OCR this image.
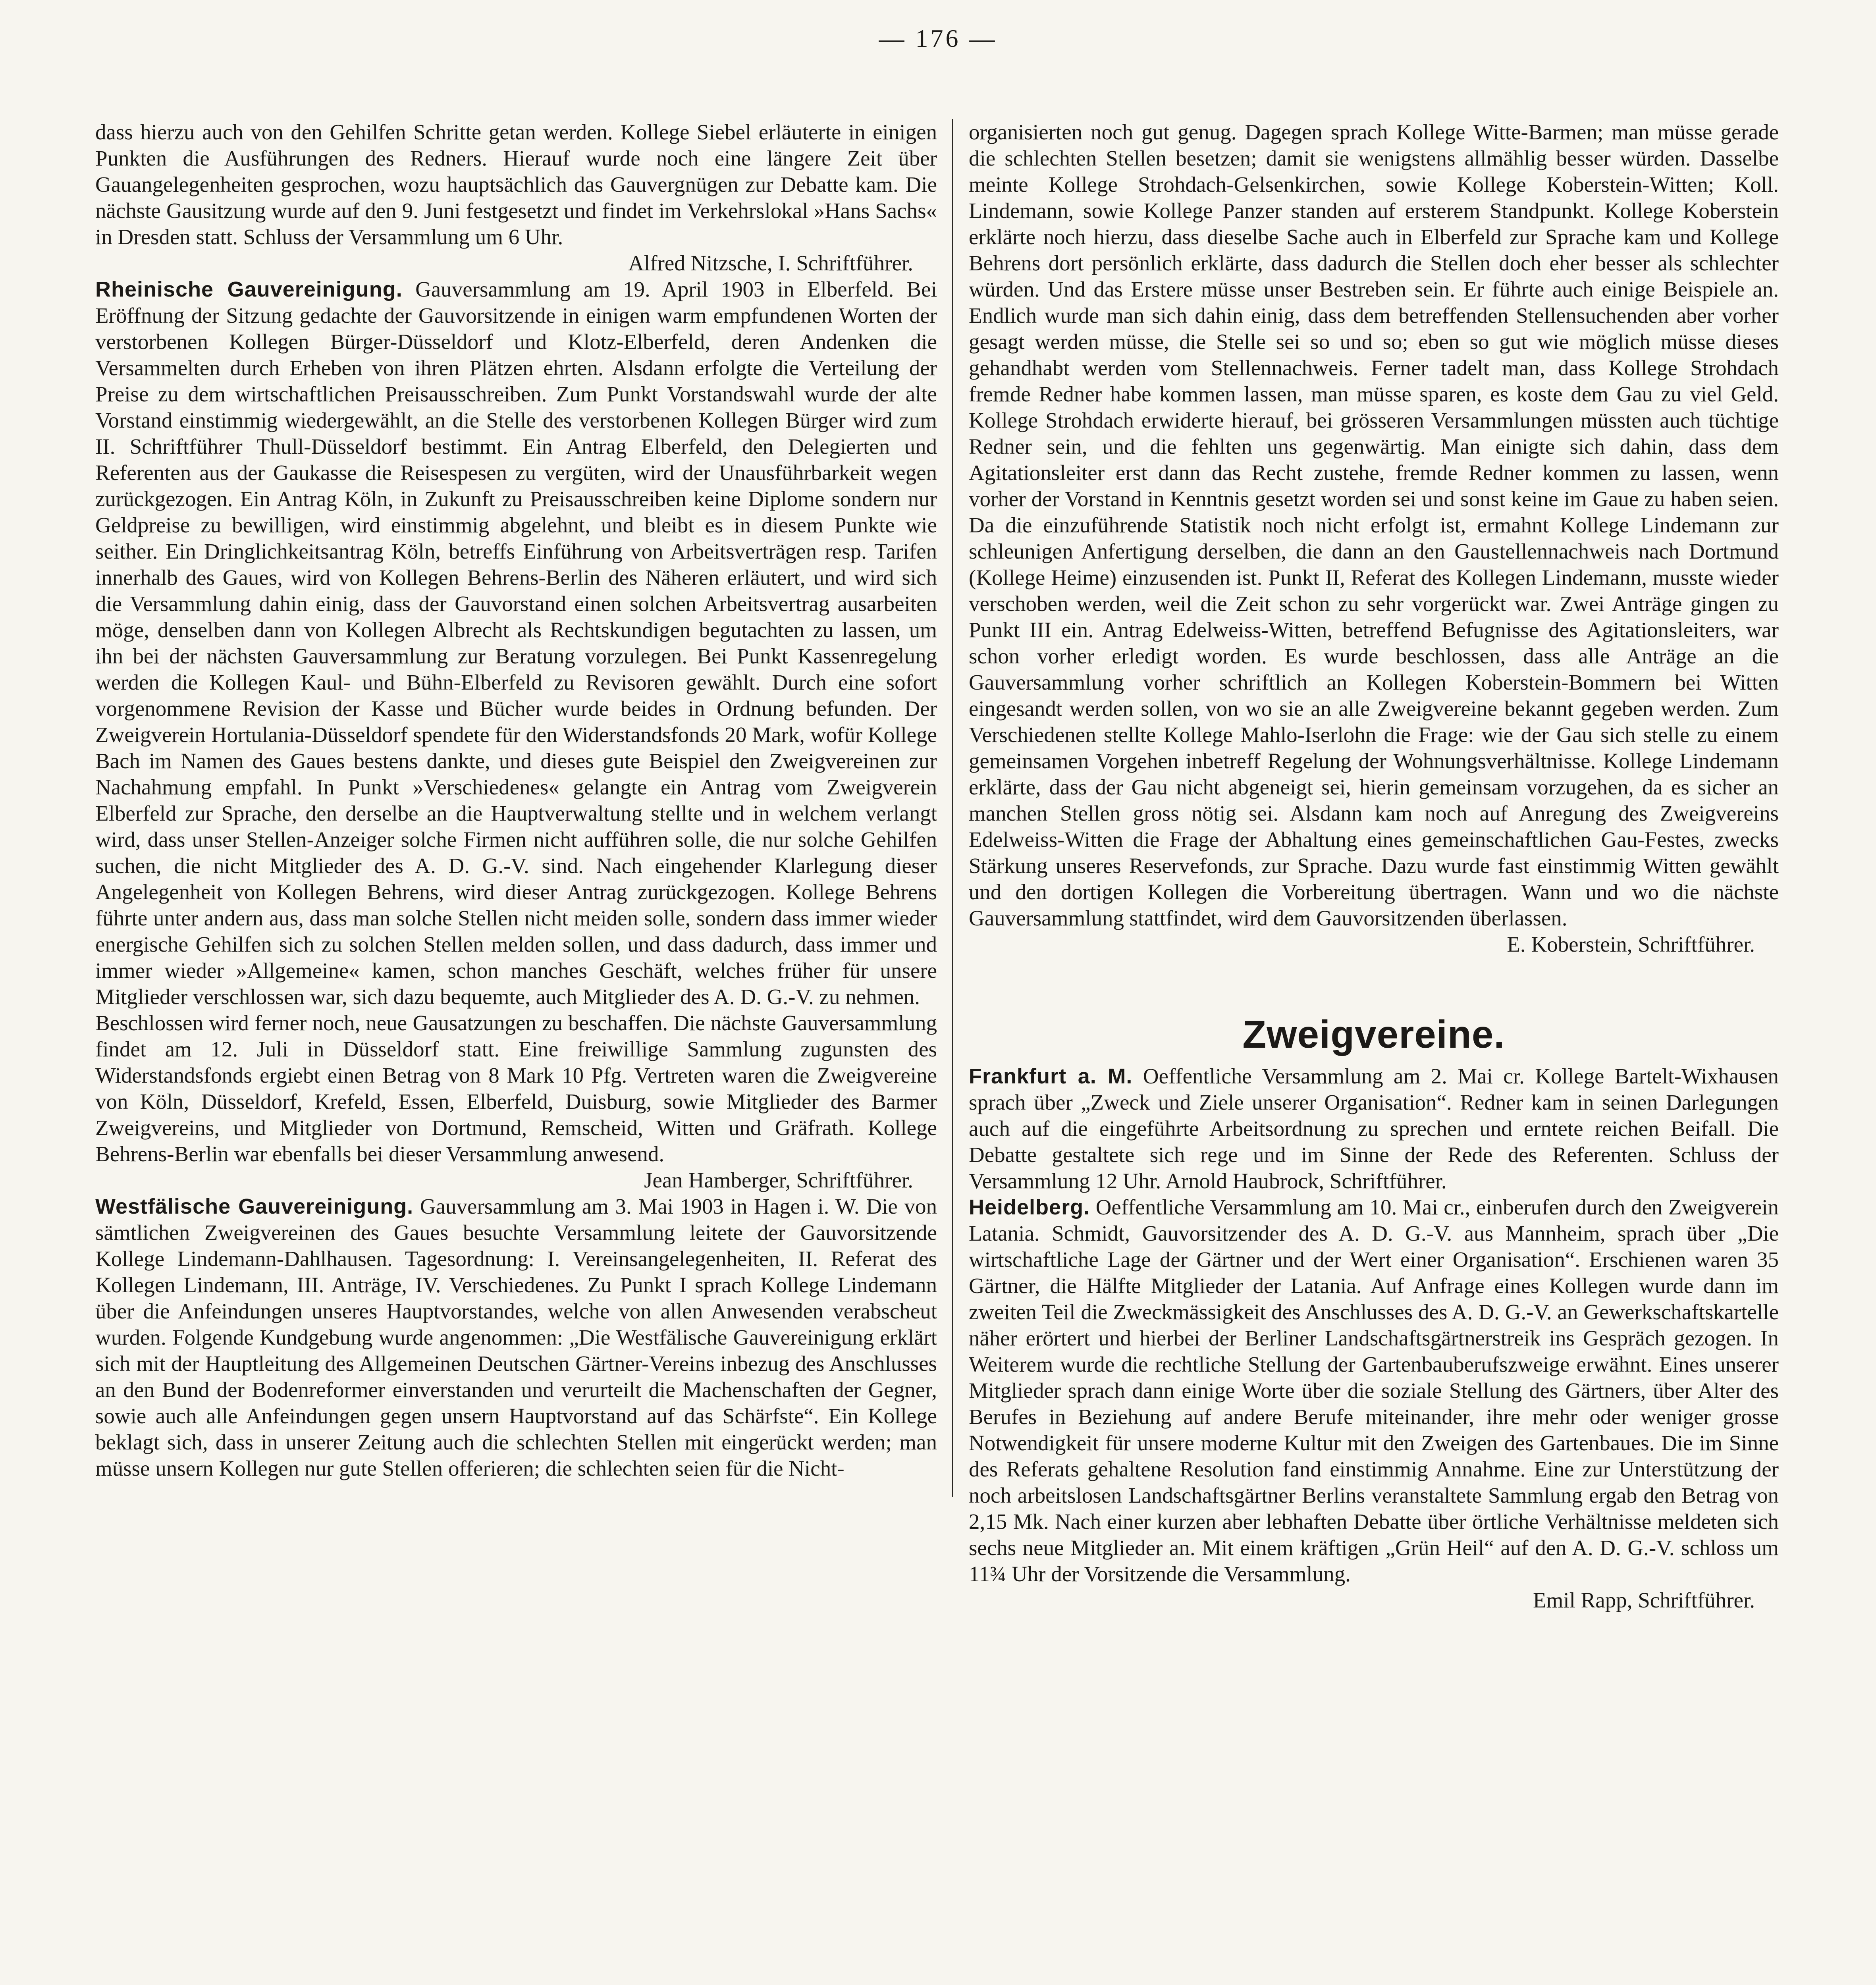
— 176 —

dass hierzu auch von den Gehilfen Schritte getan werden. Kollege Siebel erläuterte in einigen Punkten die Ausführungen des Redners. Hierauf wurde noch eine längere Zeit über Gauangelegenheiten gesprochen, wozu hauptsächlich das Gauvergnügen zur Debatte kam. Die nächste Gausitzung wurde auf den 9. Juni festgesetzt und findet im Verkehrslokal »Hans Sachs« in Dresden statt. Schluss der Versammlung um 6 Uhr.

Alfred Nitzsche, I. Schriftführer.

Rheinische Gauvereinigung. Gauversammlung am 19. April 1903 in Elberfeld. Bei Eröffnung der Sitzung gedachte der Gauvorsitzende in einigen warm empfundenen Worten der verstorbenen Kollegen Bürger-Düsseldorf und Klotz-Elberfeld, deren Andenken die Versammelten durch Erheben von ihren Plätzen ehrten. Alsdann erfolgte die Verteilung der Preise zu dem wirtschaftlichen Preisausschreiben. Zum Punkt Vorstandswahl wurde der alte Vorstand einstimmig wiedergewählt, an die Stelle des verstorbenen Kollegen Bürger wird zum II. Schriftführer Thull-Düsseldorf bestimmt. Ein Antrag Elberfeld, den Delegierten und Referenten aus der Gaukasse die Reisespesen zu vergüten, wird der Unausführbarkeit wegen zurückgezogen. Ein Antrag Köln, in Zukunft zu Preisausschreiben keine Diplome sondern nur Geldpreise zu bewilligen, wird einstimmig abgelehnt, und bleibt es in diesem Punkte wie seither. Ein Dringlichkeitsantrag Köln, betreffs Einführung von Arbeitsverträgen resp. Tarifen innerhalb des Gaues, wird von Kollegen Behrens-Berlin des Näheren erläutert, und wird sich die Versammlung dahin einig, dass der Gauvorstand einen solchen Arbeitsvertrag ausarbeiten möge, denselben dann von Kollegen Albrecht als Rechtskundigen begutachten zu lassen, um ihn bei der nächsten Gauversammlung zur Beratung vorzulegen. Bei Punkt Kassenregelung werden die Kollegen Kaul- und Bühn-Elberfeld zu Revisoren gewählt. Durch eine sofort vorgenommene Revision der Kasse und Bücher wurde beides in Ordnung befunden. Der Zweigverein Hortulania-Düsseldorf spendete für den Widerstandsfonds 20 Mark, wofür Kollege Bach im Namen des Gaues bestens dankte, und dieses gute Beispiel den Zweigvereinen zur Nachahmung empfahl. In Punkt »Verschiedenes« gelangte ein Antrag vom Zweigverein Elberfeld zur Sprache, den derselbe an die Hauptverwaltung stellte und in welchem verlangt wird, dass unser Stellen-Anzeiger solche Firmen nicht aufführen solle, die nur solche Gehilfen suchen, die nicht Mitglieder des A. D. G.-V. sind. Nach eingehender Klarlegung dieser Angelegenheit von Kollegen Behrens, wird dieser Antrag zurückgezogen. Kollege Behrens führte unter andern aus, dass man solche Stellen nicht meiden solle, sondern dass immer wieder energische Gehilfen sich zu solchen Stellen melden sollen, und dass dadurch, dass immer und immer wieder »Allgemeine« kamen, schon manches Geschäft, welches früher für unsere Mitglieder verschlossen war, sich dazu bequemte, auch Mitglieder des A. D. G.-V. zu nehmen.

Beschlossen wird ferner noch, neue Gausatzungen zu beschaffen. Die nächste Gauversammlung findet am 12. Juli in Düsseldorf statt. Eine freiwillige Sammlung zugunsten des Widerstandsfonds ergiebt einen Betrag von 8 Mark 10 Pfg. Vertreten waren die Zweigvereine von Köln, Düsseldorf, Krefeld, Essen, Elberfeld, Duisburg, sowie Mitglieder des Barmer Zweigvereins, und Mitglieder von Dortmund, Remscheid, Witten und Gräfrath. Kollege Behrens-Berlin war ebenfalls bei dieser Versammlung anwesend.

Jean Hamberger, Schriftführer.

Westfälische Gauvereinigung. Gauversammlung am 3. Mai 1903 in Hagen i. W. Die von sämtlichen Zweigvereinen des Gaues besuchte Versammlung leitete der Gauvorsitzende Kollege Lindemann-Dahlhausen. Tagesordnung: I. Vereinsangelegenheiten, II. Referat des Kollegen Lindemann, III. Anträge, IV. Verschiedenes. Zu Punkt I sprach Kollege Lindemann über die Anfeindungen unseres Hauptvorstandes, welche von allen Anwesenden verabscheut wurden. Folgende Kundgebung wurde angenommen: „Die Westfälische Gauvereinigung erklärt sich mit der Hauptleitung des Allgemeinen Deutschen Gärtner-Vereins inbezug des Anschlusses an den Bund der Bodenreformer einverstanden und verurteilt die Machenschaften der Gegner, sowie auch alle Anfeindungen gegen unsern Hauptvorstand auf das Schärfste“. Ein Kollege beklagt sich, dass in unserer Zeitung auch die schlechten Stellen mit eingerückt werden; man müsse unsern Kollegen nur gute Stellen offerieren; die schlechten seien für die Nicht-

organisierten noch gut genug. Dagegen sprach Kollege Witte-Barmen; man müsse gerade die schlechten Stellen besetzen; damit sie wenigstens allmählig besser würden. Dasselbe meinte Kollege Strohdach-Gelsenkirchen, sowie Kollege Koberstein-Witten; Koll. Lindemann, sowie Kollege Panzer standen auf ersterem Standpunkt. Kollege Koberstein erklärte noch hierzu, dass dieselbe Sache auch in Elberfeld zur Sprache kam und Kollege Behrens dort persönlich erklärte, dass dadurch die Stellen doch eher besser als schlechter würden. Und das Erstere müsse unser Bestreben sein. Er führte auch einige Beispiele an. Endlich wurde man sich dahin einig, dass dem betreffenden Stellensuchenden aber vorher gesagt werden müsse, die Stelle sei so und so; eben so gut wie möglich müsse dieses gehandhabt werden vom Stellennachweis. Ferner tadelt man, dass Kollege Strohdach fremde Redner habe kommen lassen, man müsse sparen, es koste dem Gau zu viel Geld. Kollege Strohdach erwiderte hierauf, bei grösseren Versammlungen müssten auch tüchtige Redner sein, und die fehlten uns gegenwärtig. Man einigte sich dahin, dass dem Agitationsleiter erst dann das Recht zustehe, fremde Redner kommen zu lassen, wenn vorher der Vorstand in Kenntnis gesetzt worden sei und sonst keine im Gaue zu haben seien. Da die einzuführende Statistik noch nicht erfolgt ist, ermahnt Kollege Lindemann zur schleunigen Anfertigung derselben, die dann an den Gaustellennachweis nach Dortmund (Kollege Heime) einzusenden ist. Punkt II, Referat des Kollegen Lindemann, musste wieder verschoben werden, weil die Zeit schon zu sehr vorgerückt war. Zwei Anträge gingen zu Punkt III ein. Antrag Edelweiss-Witten, betreffend Befugnisse des Agitationsleiters, war schon vorher erledigt worden. Es wurde beschlossen, dass alle Anträge an die Gauversammlung vorher schriftlich an Kollegen Koberstein-Bommern bei Witten eingesandt werden sollen, von wo sie an alle Zweigvereine bekannt gegeben werden. Zum Verschiedenen stellte Kollege Mahlo-Iserlohn die Frage: wie der Gau sich stelle zu einem gemeinsamen Vorgehen inbetreff Regelung der Wohnungsverhältnisse. Kollege Lindemann erklärte, dass der Gau nicht abgeneigt sei, hierin gemeinsam vorzugehen, da es sicher an manchen Stellen gross nötig sei. Alsdann kam noch auf Anregung des Zweigvereins Edelweiss-Witten die Frage der Abhaltung eines gemeinschaftlichen Gau-Festes, zwecks Stärkung unseres Reservefonds, zur Sprache. Dazu wurde fast einstimmig Witten gewählt und den dortigen Kollegen die Vorbereitung übertragen. Wann und wo die nächste Gauversammlung stattfindet, wird dem Gauvorsitzenden überlassen.

E. Koberstein, Schriftführer.

Zweigvereine.

Frankfurt a. M. Oeffentliche Versammlung am 2. Mai cr. Kollege Bartelt-Wixhausen sprach über „Zweck und Ziele unserer Organisation“. Redner kam in seinen Darlegungen auch auf die eingeführte Arbeitsordnung zu sprechen und erntete reichen Beifall. Die Debatte gestaltete sich rege und im Sinne der Rede des Referenten. Schluss der Versammlung 12 Uhr. Arnold Haubrock, Schriftführer.

Heidelberg. Oeffentliche Versammlung am 10. Mai cr., einberufen durch den Zweigverein Latania. Schmidt, Gauvorsitzender des A. D. G.-V. aus Mannheim, sprach über „Die wirtschaftliche Lage der Gärtner und der Wert einer Organisation“. Erschienen waren 35 Gärtner, die Hälfte Mitglieder der Latania. Auf Anfrage eines Kollegen wurde dann im zweiten Teil die Zweckmässigkeit des Anschlusses des A. D. G.-V. an Gewerkschaftskartelle näher erörtert und hierbei der Berliner Landschaftsgärtnerstreik ins Gespräch gezogen. In Weiterem wurde die rechtliche Stellung der Gartenbauberufszweige erwähnt. Eines unserer Mitglieder sprach dann einige Worte über die soziale Stellung des Gärtners, über Alter des Berufes in Beziehung auf andere Berufe miteinander, ihre mehr oder weniger grosse Notwendigkeit für unsere moderne Kultur mit den Zweigen des Gartenbaues. Die im Sinne des Referats gehaltene Resolution fand einstimmig Annahme. Eine zur Unterstützung der noch arbeitslosen Landschaftsgärtner Berlins veranstaltete Sammlung ergab den Betrag von 2,15 Mk. Nach einer kurzen aber lebhaften Debatte über örtliche Verhältnisse meldeten sich sechs neue Mitglieder an. Mit einem kräftigen „Grün Heil“ auf den A. D. G.-V. schloss um 11¾ Uhr der Vorsitzende die Versammlung.

Emil Rapp, Schriftführer.
